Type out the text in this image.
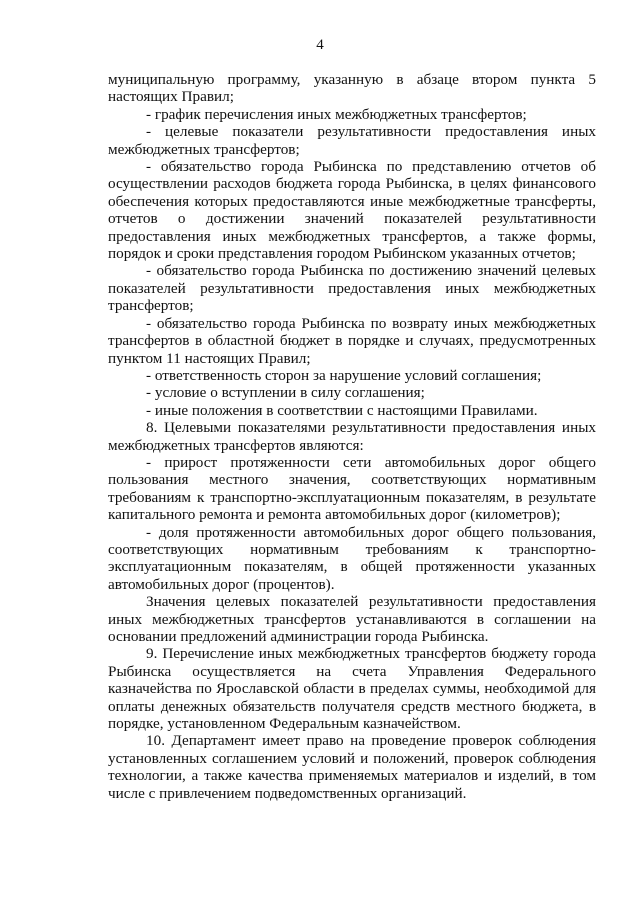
4

муниципальную программу, указанную в абзаце втором пункта 5 настоящих Правил;

- график перечисления иных межбюджетных трансфертов;

- целевые показатели результативности предоставления иных межбюджетных трансфертов;

- обязательство города Рыбинска по представлению отчетов об осуществлении расходов бюджета города Рыбинска, в целях финансового обеспечения которых предоставляются иные межбюджетные трансферты, отчетов о достижении значений показателей результативности предоставления иных межбюджетных трансфертов, а также формы, порядок и сроки представления городом Рыбинском указанных отчетов;

- обязательство города Рыбинска по достижению значений целевых показателей результативности предоставления иных межбюджетных трансфертов;

- обязательство города Рыбинска по возврату иных межбюджетных трансфертов в областной бюджет в порядке и случаях, предусмотренных пунктом 11 настоящих Правил;

- ответственность сторон за нарушение условий соглашения;

- условие о вступлении в силу соглашения;

- иные положения в соответствии с настоящими Правилами.

8. Целевыми показателями результативности предоставления иных межбюджетных трансфертов являются:

- прирост протяженности сети автомобильных дорог общего пользования местного значения, соответствующих нормативным требованиям к транспортно-эксплуатационным показателям, в результате капитального ремонта и ремонта автомобильных дорог (километров);

- доля протяженности автомобильных дорог общего пользования, соответствующих нормативным требованиям к транспортно-эксплуатационным показателям, в общей протяженности указанных автомобильных дорог (процентов).

Значения целевых показателей результативности предоставления иных межбюджетных трансфертов устанавливаются в соглашении на основании предложений администрации города Рыбинска.

9. Перечисление иных межбюджетных трансфертов бюджету города Рыбинска осуществляется на счета Управления Федерального казначейства по Ярославской области в пределах суммы, необходимой для оплаты денежных обязательств получателя средств местного бюджета, в порядке, установленном Федеральным казначейством.

10. Департамент имеет право на проведение проверок соблюдения установленных соглашением условий и положений, проверок соблюдения технологии, а также качества применяемых материалов и изделий, в том числе с привлечением подведомственных организаций.
